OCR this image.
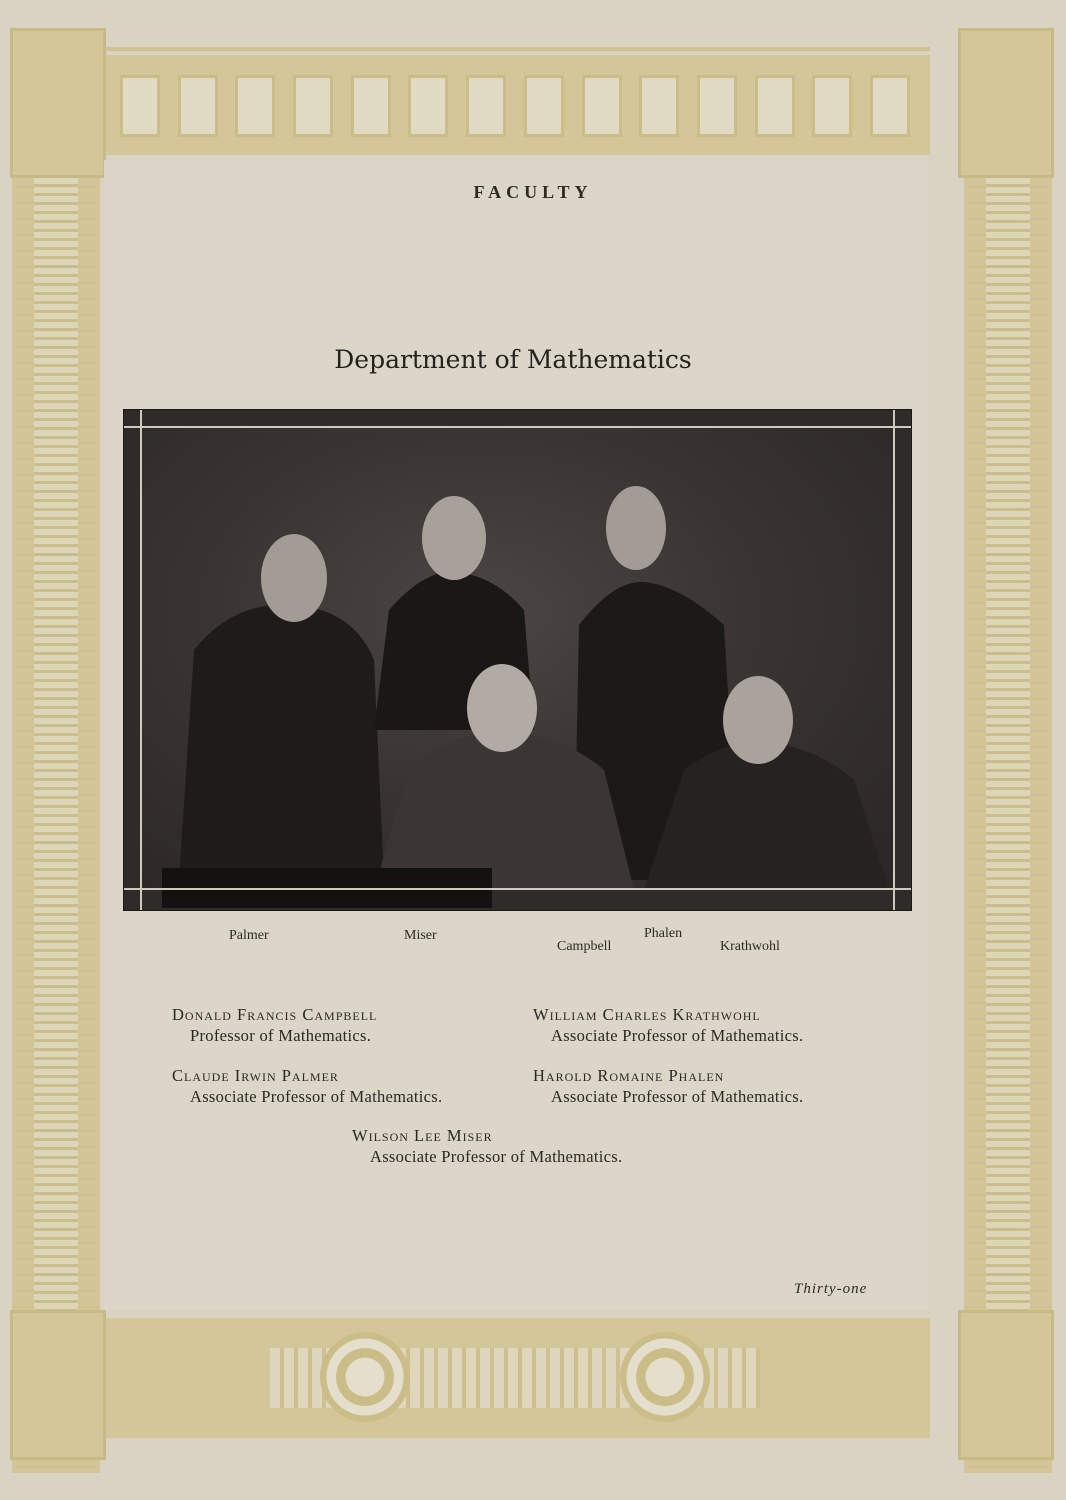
FACULTY
Department of Mathematics
Palmer	Miser	Phalen
Campbell	Krathwohl
Donald Francis Campbell
Professor of Mathematics.
William Charles Krathwohl
Associate Professor of Mathematics.
Claude Irwin Palmer
Associate Professor of Mathematics.
Harold Romaine Phalen
Associate Professor of Mathematics.
Wilson Lee Miser
Associate Professor of Mathematics.
Thirty-one
